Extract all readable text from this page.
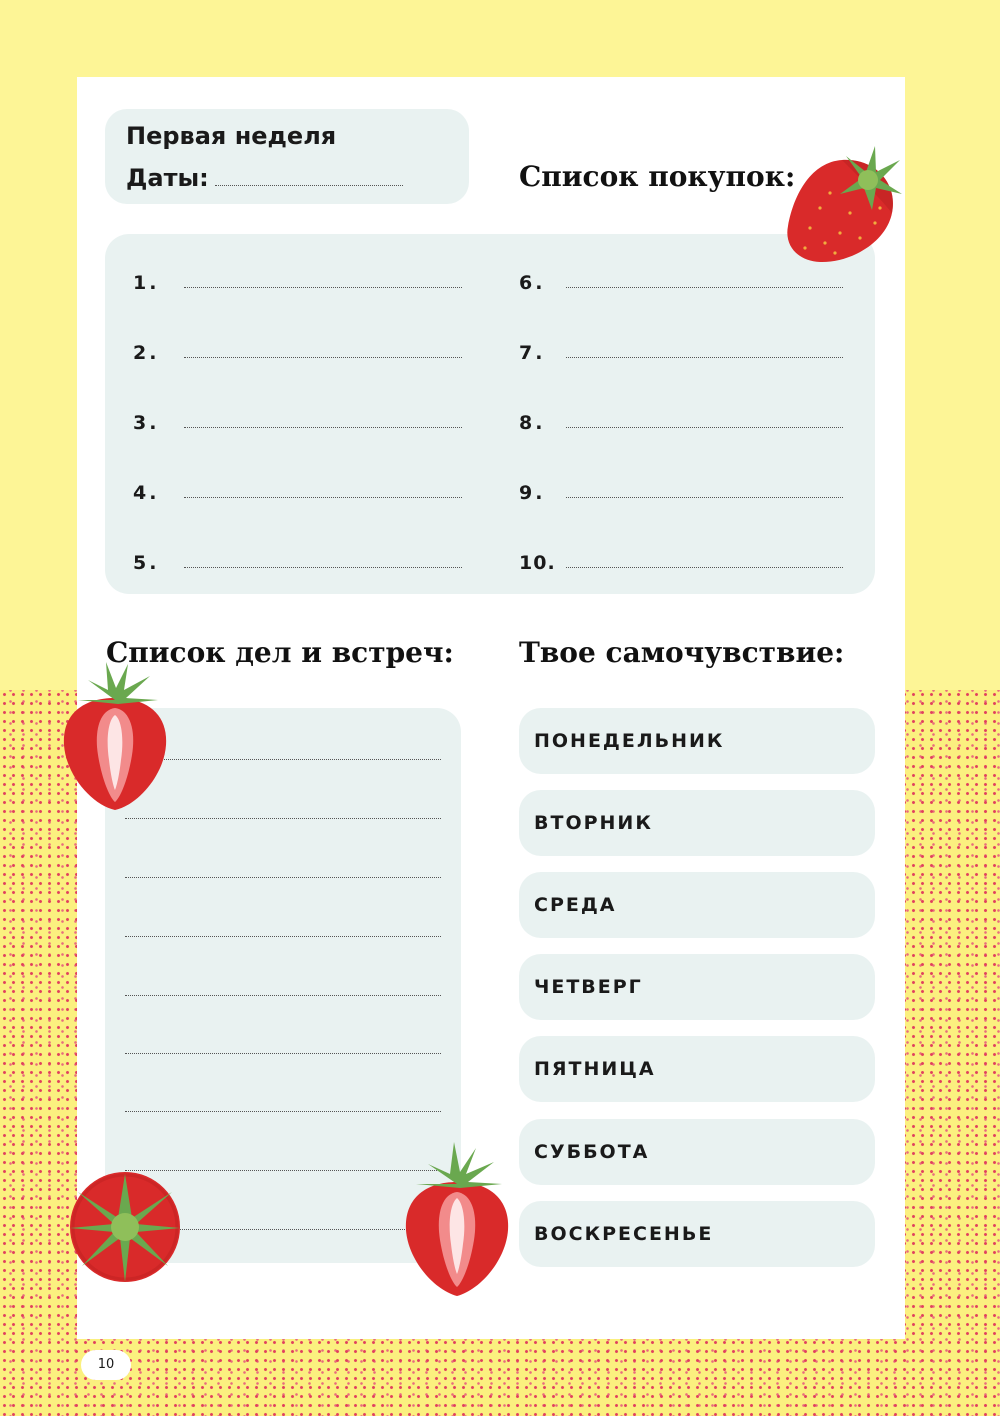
Первая неделя
Даты:	Список покупок:
Список дел и встреч: Твое самочувствие:
1.
2.
3.
4.
5.
6.
7.
8.
9.
10.
ПОНЕДЕЛЬНИК
ВТОРНИК
СРЕДА
ЧЕТВЕРГ
ПЯТНИЦА
СУББОТА
ВОСКРЕСЕНЬЕ
10
